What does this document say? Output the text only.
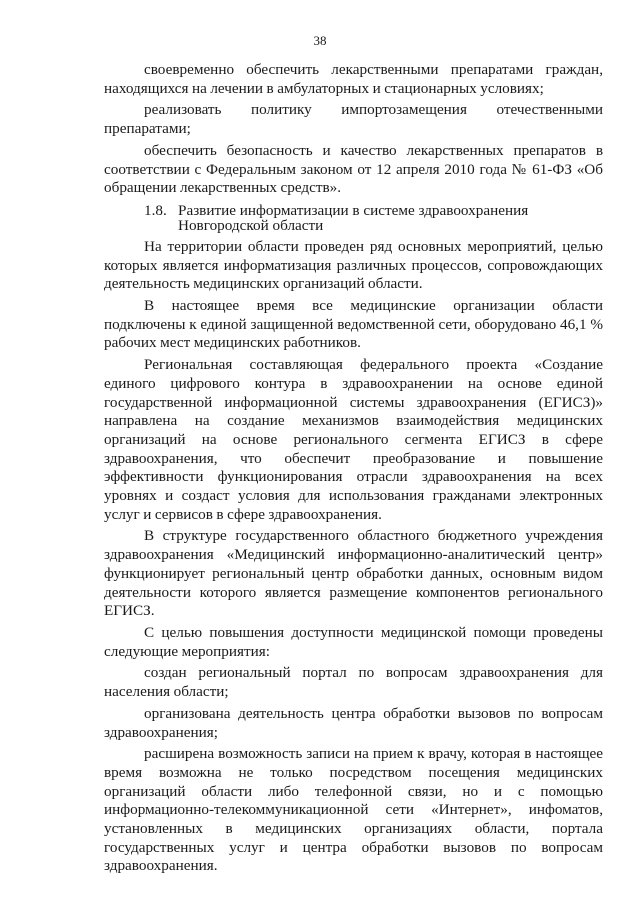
38

своевременно обеспечить лекарственными препаратами граждан, находящихся на лечении в амбулаторных и стационарных условиях;

реализовать политику импортозамещения отечественными препаратами;

обеспечить безопасность и качество лекарственных препаратов в соответствии с Федеральным законом от 12 апреля 2010 года № 61-ФЗ «Об обращении лекарственных средств».

1.8. Развитие информатизации в системе здравоохранения Новгородской области

На территории области проведен ряд основных мероприятий, целью которых является информатизация различных процессов, сопровождающих деятельность медицинских организаций области.

В настоящее время все медицинские организации области подключены к единой защищенной ведомственной сети, оборудовано 46,1 % рабочих мест медицинских работников.

Региональная составляющая федерального проекта «Создание единого цифрового контура в здравоохранении на основе единой государственной информационной системы здравоохранения (ЕГИСЗ)» направлена на создание механизмов взаимодействия медицинских организаций на основе регионального сегмента ЕГИСЗ в сфере здравоохранения, что обеспечит преобразование и повышение эффективности функционирования отрасли здравоохранения на всех уровнях и создаст условия для использования гражданами электронных услуг и сервисов в сфере здравоохранения.

В структуре государственного областного бюджетного учреждения здравоохранения «Медицинский информационно-аналитический центр» функционирует региональный центр обработки данных, основным видом деятельности которого является размещение компонентов регионального ЕГИСЗ.

С целью повышения доступности медицинской помощи проведены следующие мероприятия:

создан региональный портал по вопросам здравоохранения для населения области;

организована деятельность центра обработки вызовов по вопросам здравоохранения;

расширена возможность записи на прием к врачу, которая в настоящее время возможна не только посредством посещения медицинских организаций области либо телефонной связи, но и с помощью информационно-телекоммуникационной сети «Интернет», инфоматов, установленных в медицинских организациях области, портала государственных услуг и центра обработки вызовов по вопросам здравоохранения.
